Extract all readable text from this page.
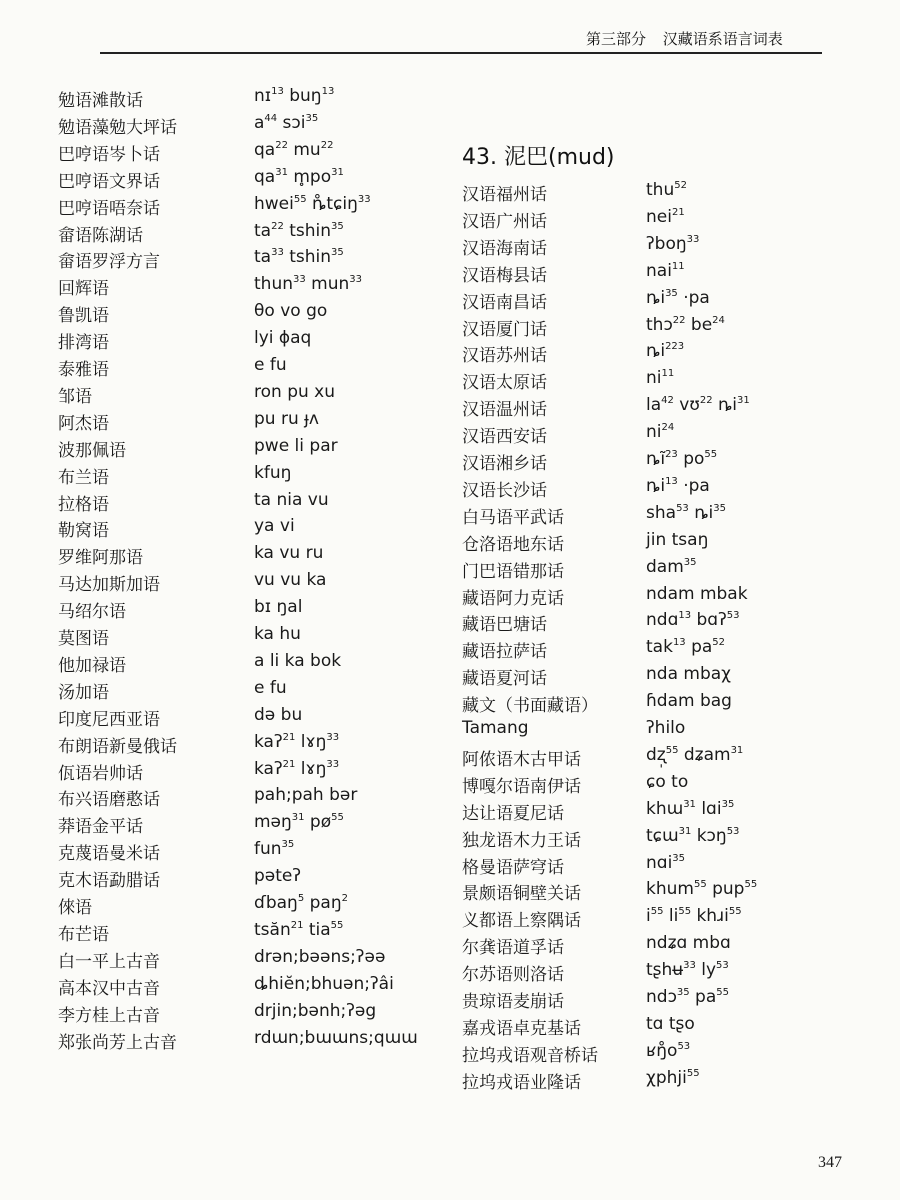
第三部分 汉藏语系语言词表
43. 泥巴(mud)
勉语滩散话	nɪ$^{13}$ buŋ$^{13}$
勉语藻勉大坪话	$a^{44}$ sɔi$^{35}$
巴哼语岑卜话	$qa^{22}$ $mu^{22}$
巴哼语文界话	$qa^{31}$ $m̥po^{31}$
巴哼语唔奈话	hwei$^{55}$ ȵ̊tɕiŋ$^{33}$
畲语陈湖话	$ta^{22}$ tshin$^{35}$
畲语罗浮方言	$ta^{33}$ tshin$^{35}$
回辉语	thun$^{33}$ mun$^{33}$
鲁凯语	θo vo go
排湾语	lyi ɸaq
泰雅语	e fu
邹语	ron pu xu
阿杰语	pu ru ɟʌ
波那佩语	pwe li par
布兰语	kfuŋ
拉格语	ta nia vu
勒窝语	ya vi
罗维阿那语	ka vu ru
马达加斯加语	vu vu ka
马绍尔语	bɪ ŋal
莫图语	ka hu
他加禄语	a li ka bok
汤加语	e fu
印度尼西亚语	də bu
布朗语新曼俄话	kaʔ$^{21}$ lɤŋ$^{33}$
佤语岩帅话	kaʔ$^{21}$ lɤŋ$^{33}$
布兴语磨憨话	pah;pah bər
莽语金平话	məŋ$^{31}$ $pø^{55}$
克蔑语曼米话	fun$^{35}$
克木语勐腊话	pəteʔ
倈语	ɗbaŋ$^5$ paŋ$^2$
布芒语	tsăn$^{21}$ tia$^{55}$
白一平上古音	drən;bəəns;ʔəə
高本汉中古音	ȡhiĕn;bhuən;ʔâi
李方桂上古音	drjin;bənh;ʔəg
郑张尚芳上古音	rdɯn;bɯɯns;qɯɯ
汉语福州话	thu$^{52}$
汉语广州话	nei$^{21}$
汉语海南话	ʔboŋ$^{33}$
汉语梅县话	nai$^{11}$
汉语南昌话	$ȵi^{35} \cdot pa$
汉语厦门话	thɔ$^{22}$ $be^{24}$
汉语苏州话	$ȵi^{223}$
汉语太原话	$ni^{11}$
汉语温州话	$la^{42}$ vʊ$^{22}$ $ȵi^{31}$
汉语西安话	$ni^{24}$
汉语湘乡话	$ȵĩ^{23}$ $po^{55}$
汉语长沙话	$ȵi^{13} \cdot pa$
白马语平武话	sha$^{53}$ $ȵi^{35}$
仓洛语地东话	jin tsaŋ
门巴语错那话	dam$^{35}$
藏语阿力克话	ndam mbak
藏语巴塘话	ndɑ$^{13}$ bɑʔ$^{53}$
藏语拉萨话	tak$^{13}$ $pa^{52}$
藏语夏河话	nda mbaχ
藏文（书面藏语）	ɦdam bag
Tamang	ʔhilo
阿侬语木古甲话	dʐ̩$^{55}$ dʑam$^{31}$
博嘎尔语南伊话	ɕo to
达让语夏尼话	khɯ$^{31}$ lɑi$^{35}$
独龙语木力王话	tɕɯ$^{31}$ kɔŋ$^{53}$
格曼语萨穹话	nɑi$^{35}$
景颇语铜壁关话	khum$^{55}$ pup$^{55}$
义都语上察隅话	$i^{55}$ $li^{55}$ khɹi$^{55}$
尔龚语道孚话	ndʑɑ mbɑ
尔苏语则洛话	tʂhʉ$^{33}$ $ly^{53}$
贵琼语麦崩话	ndɔ$^{35}$ $pa^{55}$
嘉戎语卓克基话	tɑ tʂo
拉坞戎语观音桥话	$ʁŋ̊o^{53}$
拉坞戎语业隆话	χphji$^{55}$
347
